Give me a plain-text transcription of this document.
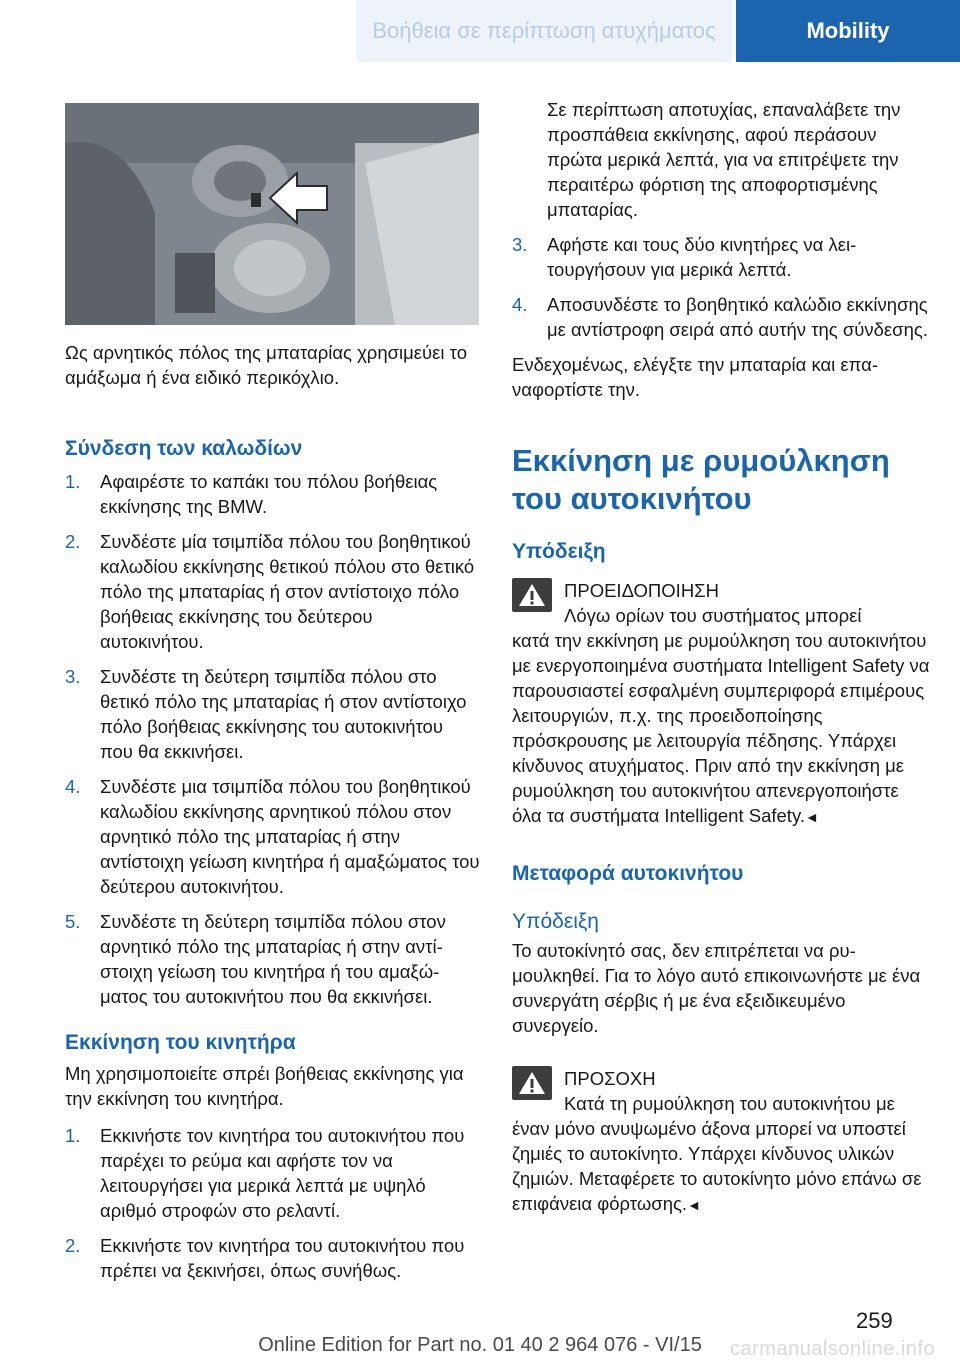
Βοήθεια σε περίπτωση ατυχήματος	Mobility

Ως αρνητικός πόλος της μπαταρίας χρησιμεύει το αμάξωμα ή ένα ειδικό περικόχλιο.

Σύνδεση των καλωδίων

1. Αφαιρέστε το καπάκι του πόλου βοήθειας εκκίνησης της BMW.
2. Συνδέστε μία τσιμπίδα πόλου του βοηθητικού καλωδίου εκκίνησης θετικού πόλου στο θετικό πόλο της μπαταρίας ή στον αντίστοιχο πόλο βοήθειας εκκίνησης του δεύτερου αυτοκινήτου.
3. Συνδέστε τη δεύτερη τσιμπίδα πόλου στο θετικό πόλο της μπαταρίας ή στον αντίστοιχο πόλο βοήθειας εκκίνησης του αυτοκινήτου που θα εκκινήσει.
4. Συνδέστε μια τσιμπίδα πόλου του βοηθητικού καλωδίου εκκίνησης αρνητικού πόλου στον αρνητικό πόλο της μπαταρίας ή στην αντίστοιχη γείωση κινητήρα ή αμαξώματος του δεύτερου αυτοκινήτου.
5. Συνδέστε τη δεύτερη τσιμπίδα πόλου στον αρνητικό πόλο της μπαταρίας ή στην αντίστοιχη γείωση του κινητήρα ή του αμαξώματος του αυτοκινήτου που θα εκκινήσει.

Εκκίνηση του κινητήρα

Μη χρησιμοποιείτε σπρέι βοήθειας εκκίνησης για την εκκίνηση του κινητήρα.

1. Εκκινήστε τον κινητήρα του αυτοκινήτου που παρέχει το ρεύμα και αφήστε τον να λειτουργήσει για μερικά λεπτά με υψηλό αριθμό στροφών στο ρελαντί.
2. Εκκινήστε τον κινητήρα του αυτοκινήτου που πρέπει να ξεκινήσει, όπως συνήθως.

Σε περίπτωση αποτυχίας, επαναλάβετε την προσπάθεια εκκίνησης, αφού περάσουν πρώτα μερικά λεπτά, για να επιτρέψετε την περαιτέρω φόρτιση της αποφορτισμένης μπαταρίας.

3. Αφήστε και τους δύο κινητήρες να λειτουργήσουν για μερικά λεπτά.
4. Αποσυνδέστε το βοηθητικό καλώδιο εκκίνησης με αντίστροφη σειρά από αυτήν της σύνδεσης.

Ενδεχομένως, ελέγξτε την μπαταρία και επαναφορτίστε την.

Εκκίνηση με ρυμούλκηση του αυτοκινήτου

Υπόδειξη

ΠΡΟΕΙΔΟΠΟΙΗΣΗ

Λόγω ορίων του συστήματος μπορεί
κατά την εκκίνηση με ρυμούλκηση του αυτοκινήτου με ενεργοποιημένα συστήματα Intelligent Safety να παρουσιαστεί εσφαλμένη συμπεριφορά επιμέρους λειτουργιών, π.χ. της προειδοποίησης πρόσκρουσης με λειτουργία πέδησης. Υπάρχει κίνδυνος ατυχήματος. Πριν από την εκκίνηση με ρυμούλκηση του αυτοκινήτου απενεργοποιήστε όλα τα συστήματα Intelligent Safety.◄

Μεταφορά αυτοκινήτου

Υπόδειξη

Το αυτοκίνητό σας, δεν επιτρέπεται να ρυμουλκηθεί. Για το λόγο αυτό επικοινωνήστε με ένα συνεργάτη σέρβις ή με ένα εξειδικευμένο συνεργείο.

ΠΡΟΣΟΧΗ

Κατά τη ρυμούλκηση του αυτοκινήτου με
έναν μόνο ανυψωμένο άξονα μπορεί να υποστεί ζημιές το αυτοκίνητο. Υπάρχει κίνδυνος υλικών ζημιών. Μεταφέρετε το αυτοκίνητο μόνο επάνω σε επιφάνεια φόρτωσης.◄

259
Online Edition for Part no. 01 40 2 964 076 - VI/15	carmanualsonline.info
